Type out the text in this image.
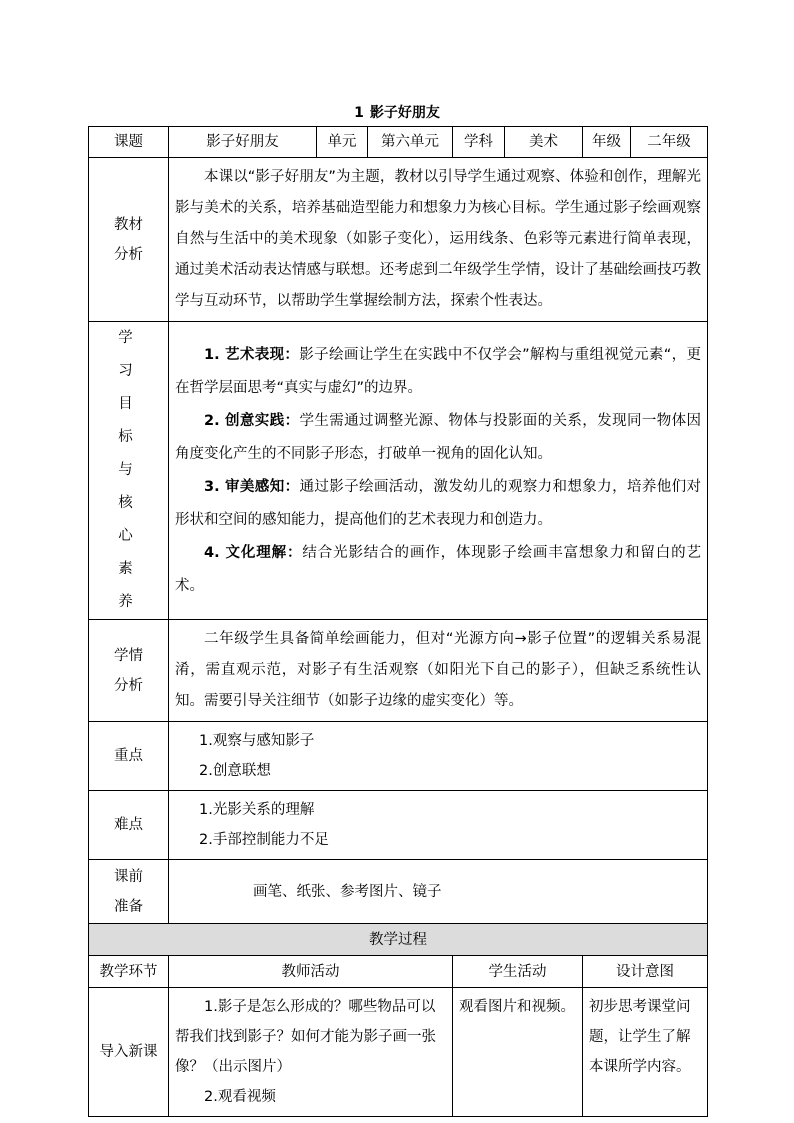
1 影子好朋友
课题	影子好朋友	单元	第六单元	学科	美术	年级	二年级

教材分析	本课以“影子好朋友”为主题，教材以引导学生通过观察、体验和创作，理解光影与美术的关系，培养基础造型能力和想象力为核心目标。学生通过影子绘画观察自然与生活中的美术现象（如影子变化），运用线条、色彩等元素进行简单表现，通过美术活动表达情感与联想。还考虑到二年级学生学情，设计了基础绘画技巧教学与互动环节，以帮助学生掌握绘制方法，探索个性表达。						

学习目标与核心素养	1. 艺术表现：影子绘画让学生在实践中不仅学会”解构与重组视觉元素“，更在哲学层面思考“真实与虚幻”的边界。
2. 创意实践：学生需通过调整光源、物体与投影面的关系，发现同一物体因角度变化产生的不同影子形态，打破单一视角的固化认知。
3. 审美感知：通过影子绘画活动，激发幼儿的观察力和想象力，培养他们对形状和空间的感知能力，提高他们的艺术表现力和创造力。
4. 文化理解：结合光影结合的画作，体现影子绘画丰富想象力和留白的艺术。						

学情分析	二年级学生具备简单绘画能力，但对“光源方向→影子位置”的逻辑关系易混淆，需直观示范，对影子有生活观察（如阳光下自己的影子），但缺乏系统性认知。需要引导关注细节（如影子边缘的虚实变化）等。						
重点	1.观察与感知影子
2.创意联想						

难点	1.光影关系的理解
2.手部控制能力不足						

课前准备	画笔、纸张、参考图片、镜子						
教学过程							
教学环节	教师活动			学生活动		设计意图	
导入新课	1.影子是怎么形成的？哪些物品可以帮我们找到影子？如何才能为影子画一张像？（出示图片）
2.观看视频			观看图片和视频。		初步思考课堂问题，让学生了解本课所学内容。	
